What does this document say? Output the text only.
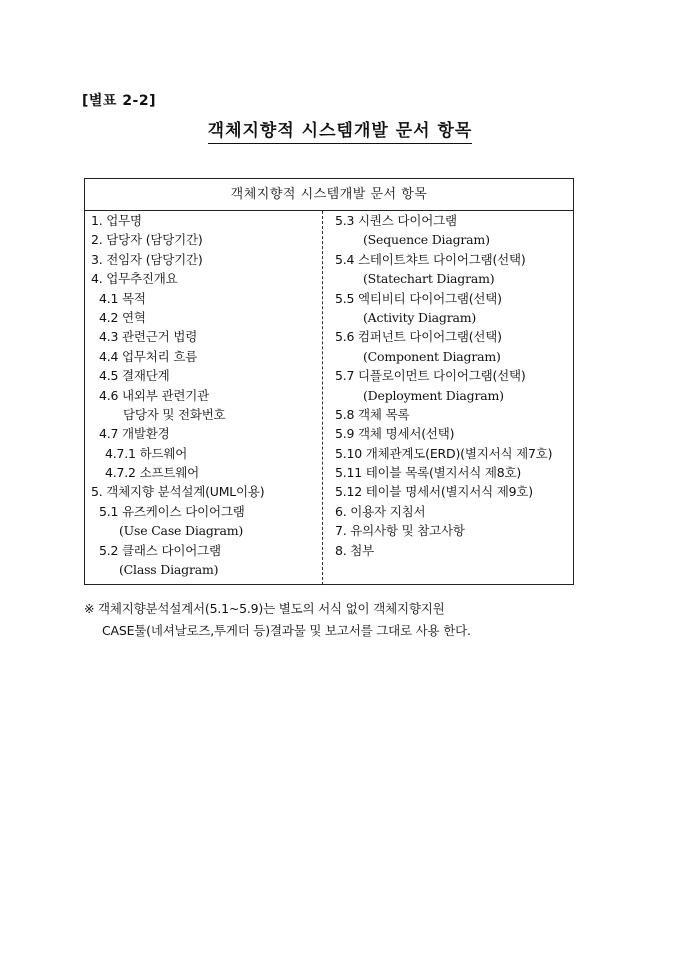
[별표 2-2]
객체지향적 시스템개발 문서 항목
객체지향적 시스템개발 문서 항목
1. 업무명
2. 담당자 (담당기간)
3. 전임자 (담당기간)
4. 업무추진개요
4.1 목적
4.2 연혁
4.3 관련근거 법령
4.4 업무처리 흐름
4.5 결재단계
4.6 내외부 관련기관
담당자 및 전화번호
4.7 개발환경
4.7.1 하드웨어
4.7.2 소프트웨어
5. 객체지향 분석설계(UML이용)
5.1 유즈케이스 다이어그램
(Use Case Diagram)
5.2 클래스 다이어그램
(Class Diagram)
5.3 시퀀스 다이어그램
(Sequence Diagram)
5.4 스테이트챠트 다이어그램(선택)
(Statechart Diagram)
5.5 엑티비티 다이어그램(선택)
(Activity Diagram)
5.6 컴퍼넌트 다이어그램(선택)
(Component Diagram)
5.7 디플로이먼트 다이어그램(선택)
(Deployment Diagram)
5.8 객체 목록
5.9 객체 명세서(선택)
5.10 개체관계도(ERD)(별지서식 제7호)
5.11 테이블 목록(별지서식 제8호)
5.12 테이블 명세서(별지서식 제9호)
6. 이용자 지침서
7. 유의사항 및 참고사항
8. 첨부
※ 객체지향분석설계서(5.1~5.9)는 별도의 서식 없이 객체지향지원
CASE툴(네셔날로즈,투게더 등)결과물 및 보고서를 그대로 사용 한다.
